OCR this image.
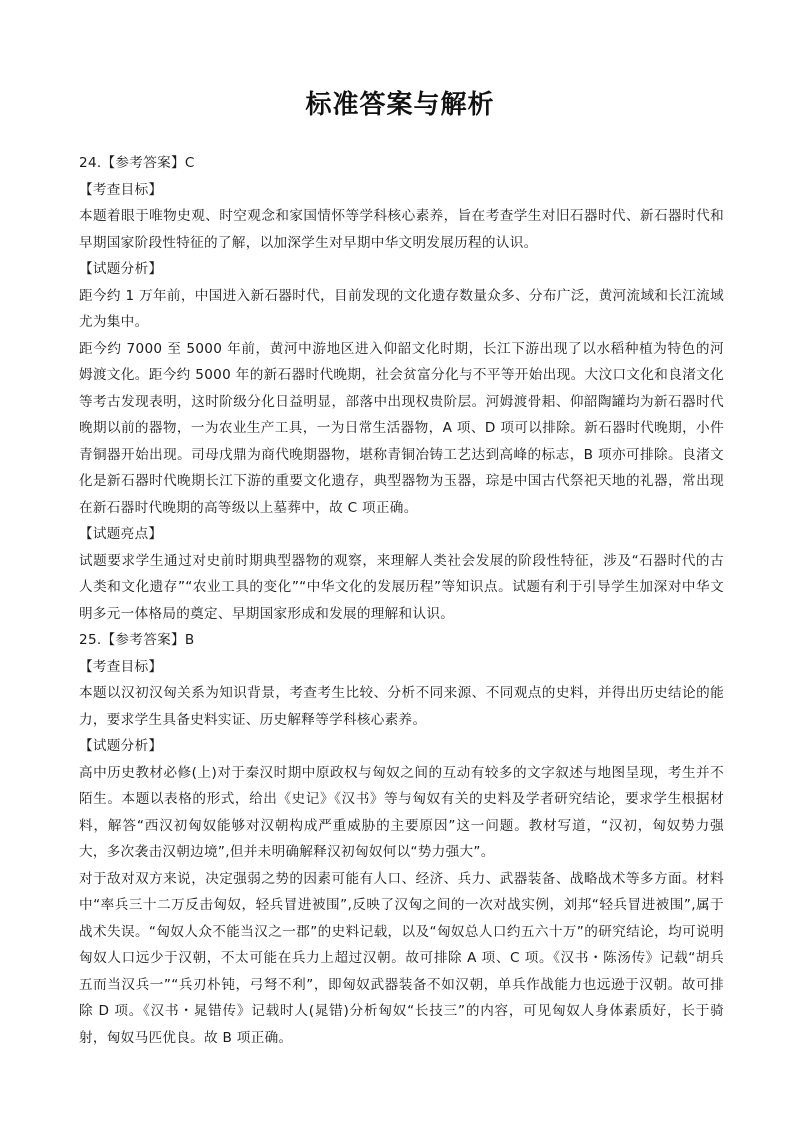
标准答案与解析

24.【参考答案】C

【考查目标】

本题着眼于唯物史观、时空观念和家国情怀等学科核心素养，旨在考查学生对旧石器时代、新石器时代和早期国家阶段性特征的了解，以加深学生对早期中华文明发展历程的认识。

【试题分析】

距今约 1 万年前，中国进入新石器时代，目前发现的文化遗存数量众多、分布广泛，黄河流域和长江流域尤为集中。

距今约 7000 至 5000 年前，黄河中游地区进入仰韶文化时期，长江下游出现了以水稻种植为特色的河姆渡文化。距今约 5000 年的新石器时代晚期，社会贫富分化与不平等开始出现。大汶口文化和良渚文化等考古发现表明，这时阶级分化日益明显，部落中出现权贵阶层。河姆渡骨耜、仰韶陶罐均为新石器时代晚期以前的器物，一为农业生产工具，一为日常生活器物，A 项、D 项可以排除。新石器时代晚期，小件青铜器开始出现。司母戊鼎为商代晚期器物，堪称青铜冶铸工艺达到高峰的标志，B 项亦可排除。良渚文化是新石器时代晚期长江下游的重要文化遗存，典型器物为玉器，琮是中国古代祭祀天地的礼器，常出现在新石器时代晚期的高等级以上墓葬中，故 C 项正确。

【试题亮点】

试题要求学生通过对史前时期典型器物的观察，来理解人类社会发展的阶段性特征，涉及“石器时代的古人类和文化遗存”“农业工具的变化”“中华文化的发展历程”等知识点。试题有利于引导学生加深对中华文明多元一体格局的奠定、早期国家形成和发展的理解和认识。

25.【参考答案】B

【考查目标】

本题以汉初汉匈关系为知识背景，考查考生比较、分析不同来源、不同观点的史料，并得出历史结论的能力，要求学生具备史料实证、历史解释等学科核心素养。

【试题分析】

高中历史教材必修(上)对于秦汉时期中原政权与匈奴之间的互动有较多的文字叙述与地图呈现，考生并不陌生。本题以表格的形式，给出《史记》《汉书》等与匈奴有关的史料及学者研究结论，要求学生根据材料，解答“西汉初匈奴能够对汉朝构成严重威胁的主要原因”这一问题。教材写道，“汉初，匈奴势力强大，多次袭击汉朝边境”,但并未明确解释汉初匈奴何以“势力强大”。

对于敌对双方来说，决定强弱之势的因素可能有人口、经济、兵力、武器装备、战略战术等多方面。材料中“率兵三十二万反击匈奴，轻兵冒进被围”,反映了汉匈之间的一次对战实例，刘邦“轻兵冒进被围”,属于战术失误。“匈奴人众不能当汉之一郡”的史料记载，以及“匈奴总人口约五六十万”的研究结论，均可说明匈奴人口远少于汉朝，不太可能在兵力上超过汉朝。故可排除 A 项、C 项。《汉书・陈汤传》记载“胡兵五而当汉兵一”“兵刃朴钝，弓弩不利”，即匈奴武器装备不如汉朝，单兵作战能力也远逊于汉朝。故可排除 D 项。《汉书・晁错传》记载时人(晁错)分析匈奴“长技三”的内容，可见匈奴人身体素质好，长于骑射，匈奴马匹优良。故 B 项正确。
